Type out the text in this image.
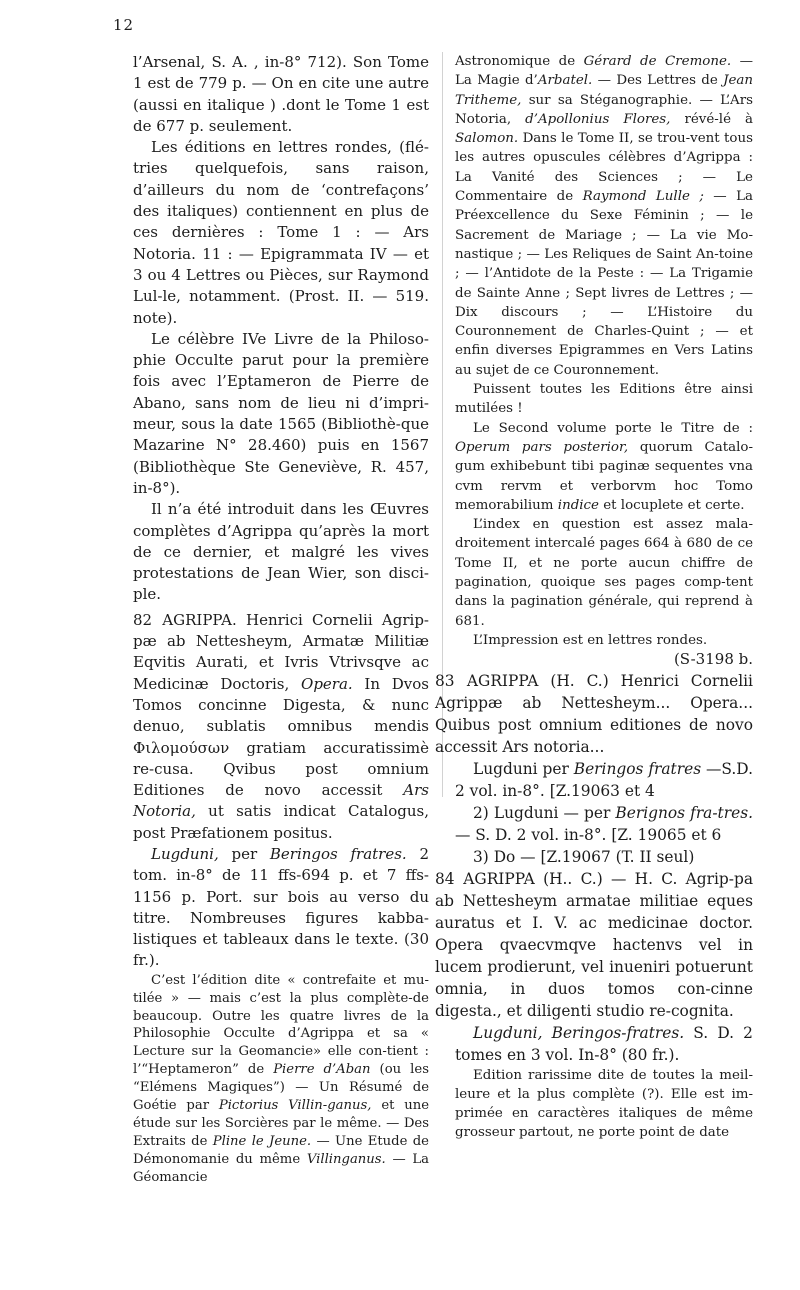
12

l’Arsenal, S. A. , in-8° 712). Son Tome 1 est de 779 p. — On en cite une autre (aussi en italique ) .dont le Tome 1 est de 677 p. seulement.

Les éditions en lettres rondes, (flé-tries quelquefois, sans raison, d’ailleurs du nom de ‘contrefaçons’ des italiques) contiennent en plus de ces dernières : Tome 1 : — Ars Notoria. 11 : — Epigrammata IV — et 3 ou 4 Lettres ou Pièces, sur Raymond Lul-le, notamment. (Prost. II. — 519. note).

Le célèbre IVe Livre de la Philoso-phie Occulte parut pour la première fois avec l’Eptameron de Pierre de Abano, sans nom de lieu ni d’impri-meur, sous la date 1565 (Bibliothè-que Mazarine N° 28.460) puis en 1567 (Bibliothèque Ste Geneviève, R. 457, in-8°).

Il n’a été introduit dans les Œuvres complètes d’Agrippa qu’après la mort de ce dernier, et malgré les vives protestations de Jean Wier, son disci-ple.

82 AGRIPPA. Henrici Cornelii Agrip-pæ ab Nettesheym, Armatæ Militiæ Eqvitis Aurati, et Ivris Vtrivsqve ac Medicinæ Doctoris, Opera. In Dvos Tomos concinne Digesta, & nunc denuo, sublatis omnibus mendis Φιλομούσων gratiam accuratissimè re-cusa. Qvibus post omnium Editiones de novo accessit Ars Notoria, ut satis indicat Catalogus, post Præfationem positus.

Lugduni, per Beringos fratres. 2 tom. in-8° de 11 ffs-694 p. et 7 ffs-1156 p. Port. sur bois au verso du titre. Nombreuses figures kabba-listiques et tableaux dans le texte. (30 fr.).

C’est l’édition dite « contrefaite et mu-tilée » — mais c’est la plus complète-de beaucoup. Outre les quatre livres de la Philosophie Occulte d’Agrippa et sa « Lecture sur la Geomancie» elle con-tient : l’“Heptameron” de Pierre d’Aban (ou les “Elémens Magiques”) — Un Résumé de Goétie par Pictorius Villin-ganus, et une étude sur les Sorcières par le même. — Des Extraits de Pline le Jeune. — Une Etude de Démonomanie du même Villinganus. — La Géomancie

Astronomique de Gérard de Cremone. — La Magie d’Arbatel. — Des Lettres de Jean Tritheme, sur sa Stéganographie. — L’Ars Notoria, d’Apollonius Flores, révé-lé à Salomon. Dans le Tome II, se trou-vent tous les autres opuscules célèbres d’Agrippa : La Vanité des Sciences ; — Le Commentaire de Raymond Lulle ; — La Préexcellence du Sexe Féminin ; — le Sacrement de Mariage ; — La vie Mo-nastique ; — Les Reliques de Saint An-toine ; — l’Antidote de la Peste : — La Trigamie de Sainte Anne ; Sept livres de Lettres ; — Dix discours ; — L’Histoire du Couronnement de Charles-Quint ; — et enfin diverses Epigrammes en Vers Latins au sujet de ce Couronnement.

Puissent toutes les Editions être ainsi mutilées !

Le Second volume porte le Titre de : Operum pars posterior, quorum Catalo-gum exhibebunt tibi paginæ sequentes vna cvm rervm et verborvm hoc Tomo memorabilium indice et locuplete et certe.

L’index en question est assez mala-droitement intercalé pages 664 à 680 de ce Tome II, et ne porte aucun chiffre de pagination, quoique ses pages comp-tent dans la pagination générale, qui reprend à 681.

L’Impression est en lettres rondes.

(S-3198 b.

83 AGRIPPA (H. C.) Henrici Cornelii Agrippæ ab Nettesheym... Opera... Quibus post omnium editiones de novo accessit Ars notoria...

Lugduni per Beringos fratres —S.D. 2 vol. in-8°. [Z.19063 et 4

2) Lugduni — per Berignos fra-tres. — S. D. 2 vol. in-8°. [Z. 19065 et 6

3) Do — [Z.19067 (T. II seul)

84 AGRIPPA (H.. C.) — H. C. Agrip-pa ab Nettesheym armatae militiae eques auratus et I. V. ac medicinae doctor. Opera qvaecvmqve hactenvs vel in lucem prodierunt, vel inueniri potuerunt omnia, in duos tomos con-cinne digesta., et diligenti studio re-cognita.

Lugduni, Beringos-fratres. S. D. 2 tomes en 3 vol. In-8° (80 fr.).

Edition rarissime dite de toutes la meil-leure et la plus complète (?). Elle est im-primée en caractères italiques de même grosseur partout, ne porte point de date
